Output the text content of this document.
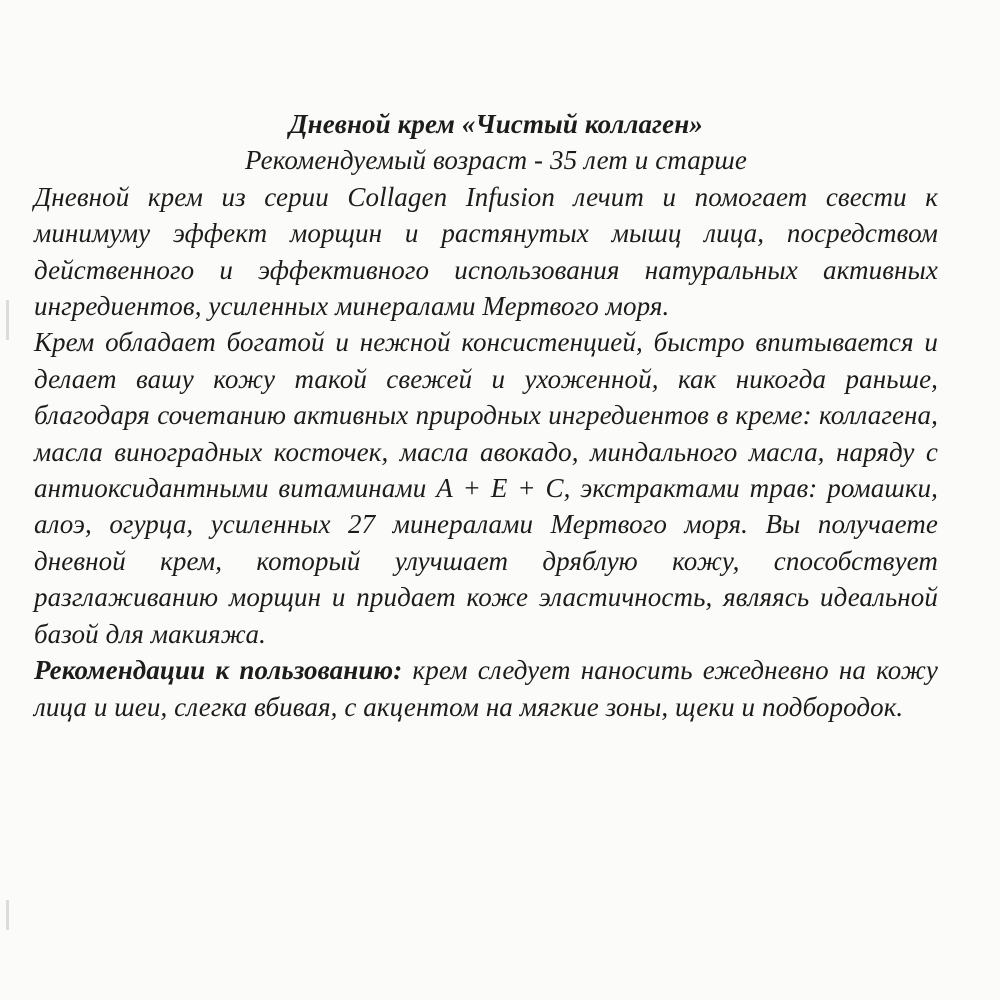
Дневной крем «Чистый коллаген»

Рекомендуемый возраст - 35 лет и старше

Дневной крем из серии Collagen Infusion лечит и помогает свести к минимуму эффект морщин и растянутых мышц лица, посредством действенного и эффективного использования натуральных активных ингредиентов, усиленных минералами Мертвого моря.

Крем обладает богатой и нежной консистенцией, быстро впитывается и делает вашу кожу такой свежей и ухоженной, как никогда раньше, благодаря сочетанию активных природных ингредиентов в креме: коллагена, масла виноградных косточек, масла авокадо, миндального масла, наряду с антиоксидантными витаминами А + Е + С, экстрактами трав: ромашки, алоэ, огурца, усиленных 27 минералами Мертвого моря. Вы получаете дневной крем, который улучшает дряблую кожу, способствует разглаживанию морщин и придает коже эластичность, являясь идеальной базой для макияжа.

Рекомендации к пользованию: крем следует наносить ежедневно на кожу лица и шеи, слегка вбивая, с акцентом на мягкие зоны, щеки и подбородок.
